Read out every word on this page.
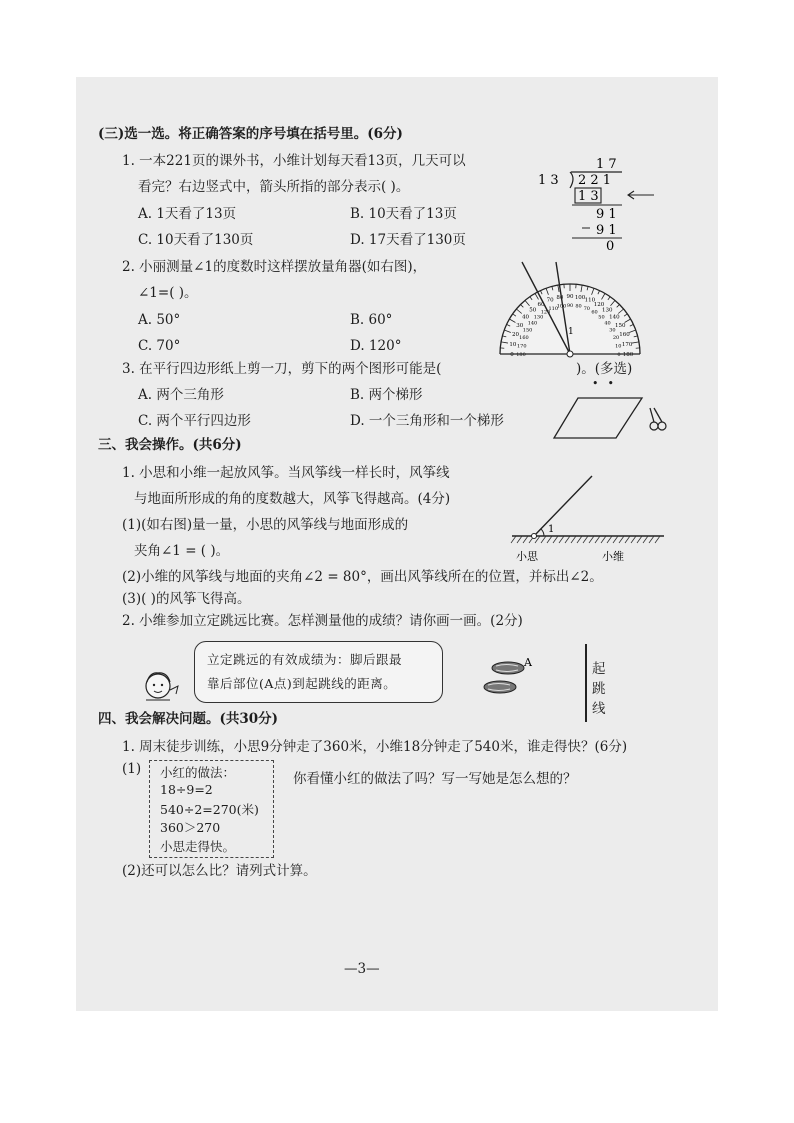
(三)选一选。将正确答案的序号填在括号里。(6分)
1. 一本221页的课外书，小维计划每天看13页，几天可以
看完？右边竖式中，箭头所指的部分表示( )。
A. 1天看了13页	B. 10天看了13页
C. 10天看了130页	D. 17天看了130页
1 7
1 3 2 2 1
1 3
9 1
9 1
0
2. 小丽测量∠1的度数时这样摆放量角器(如右图)，
∠1=( )。
A. 50°	B. 60°
C. 70°	D. 120°
0
10
20
30
40
50
60
70 80 90 100 110
120
130
140
150
160
170
180
180
170
160
150
140
130
120
110
100 90 80 70
60
50
40
30
20
10
0
1
3. 在平行四边形纸上剪一刀，剪下的两个图形可能是(	)。(多选)
••
A. 两个三角形	B. 两个梯形
C. 两个平行四边形	D. 一个三角形和一个梯形
三、我会操作。(共6分)
1. 小思和小维一起放风筝。当风筝线一样长时，风筝线
与地面所形成的角的度数越大，风筝飞得越高。(4分)
(1)(如右图)量一量，小思的风筝线与地面形成的
夹角∠1 = ( )。
(2)小维的风筝线与地面的夹角∠2 = 80°，画出风筝线所在的位置，并标出∠2。
(3)( )的风筝飞得高。
1
小思	小维
2. 小维参加立定跳远比赛。怎样测量他的成绩？请你画一画。(2分)
立定跳远的有效成绩为：脚后跟最
靠后部位(A点)到起跳线的距离。
A	起
跳
线
四、我会解决问题。(共30分)
1. 周末徒步训练，小思9分钟走了360米，小维18分钟走了540米，谁走得快？(6分)
(1) 小红的做法：
18÷9=2
540÷2=270(米)
360＞270
小思走得快。
你看懂小红的做法了吗？写一写她是怎么想的？
(2)还可以怎么比？请列式计算。
—3—
